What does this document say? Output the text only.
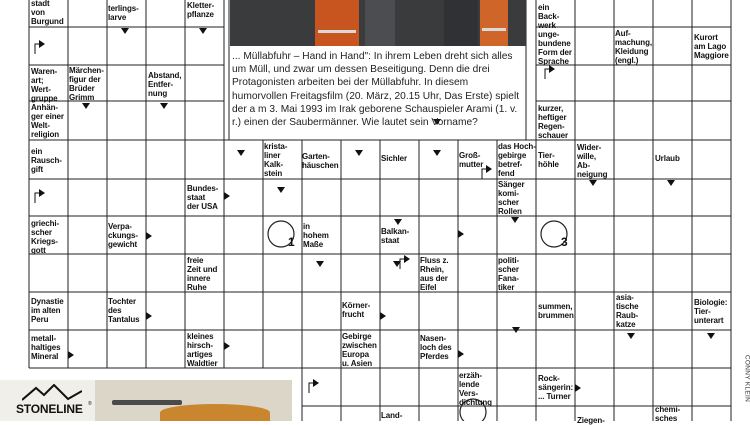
1	3
... Müllabfuhr – Hand in Hand": In ihrem Leben dreht sich alles um Müll, und zwar um dessen Beseitigung. Denn die drei Protagonisten arbeiten bei der Müllabfuhr. In diesem humorvollen Freitagsfilm (20. März, 20.15 Uhr, Das Erste) spielt der a m 3. Mai 1993 im Irak geborene Schauspieler Arami (1. v. r.) einen der Saubermänner. Wie lautet sein Vorname?
stadt
von
Burgund
terlings-
larve
Kletter-
pflanze
ein
Back-
werk
unge-
bundene
Form der
Sprache
Auf-
machung,
Kleidung
(engl.)
Kurort
am Lago
Maggiore
Waren-
art;
Wert-
gruppe
Märchen-
figur der
Brüder
Grimm
Abstand,
Entfer-
nung
kurzer,
heftiger
Regen-
schauer
Anhän-
ger einer
Welt-
religion
ein
Rausch-
gift
krista-
liner
Kalk-
stein
Garten-
häuschen
Sichler	Groß-
mutter
das Hoch-
gebirge
betref-
fend
Tier-
höhle
Wider-
wille,
Ab-
neigung
Urlaub
Sänger
komi-
scher
Rollen
Bundes-
staat
der USA
griechi-
scher
Kriegs-
gott
Verpa-
ckungs-
gewicht
in
hohem
Maße
Balkan-
staat
freie
Zeit und
innere
Ruhe
Fluss z.
Rhein,
aus der
Eifel
politi-
scher
Fana-
tiker
Dynastie
im alten
Peru
Tochter
des
Tantalus
Körner-
frucht
summen,
brummen
asia-
tische
Raub-
katze
Biologie:
Tier-
unterart
metall-
haltiges
Mineral
kleines
hirsch-
artiges
Waldtier
Gebirge
zwischen
Europa
u. Asien
Nasen-
loch des
Pferdes
erzäh-
lende
Vers-
dichtung
Rock-
sängerin:
... Turner
Land-
Ziegen-
chemi-
sches
STONELINE ®
CONNY KLEIN
